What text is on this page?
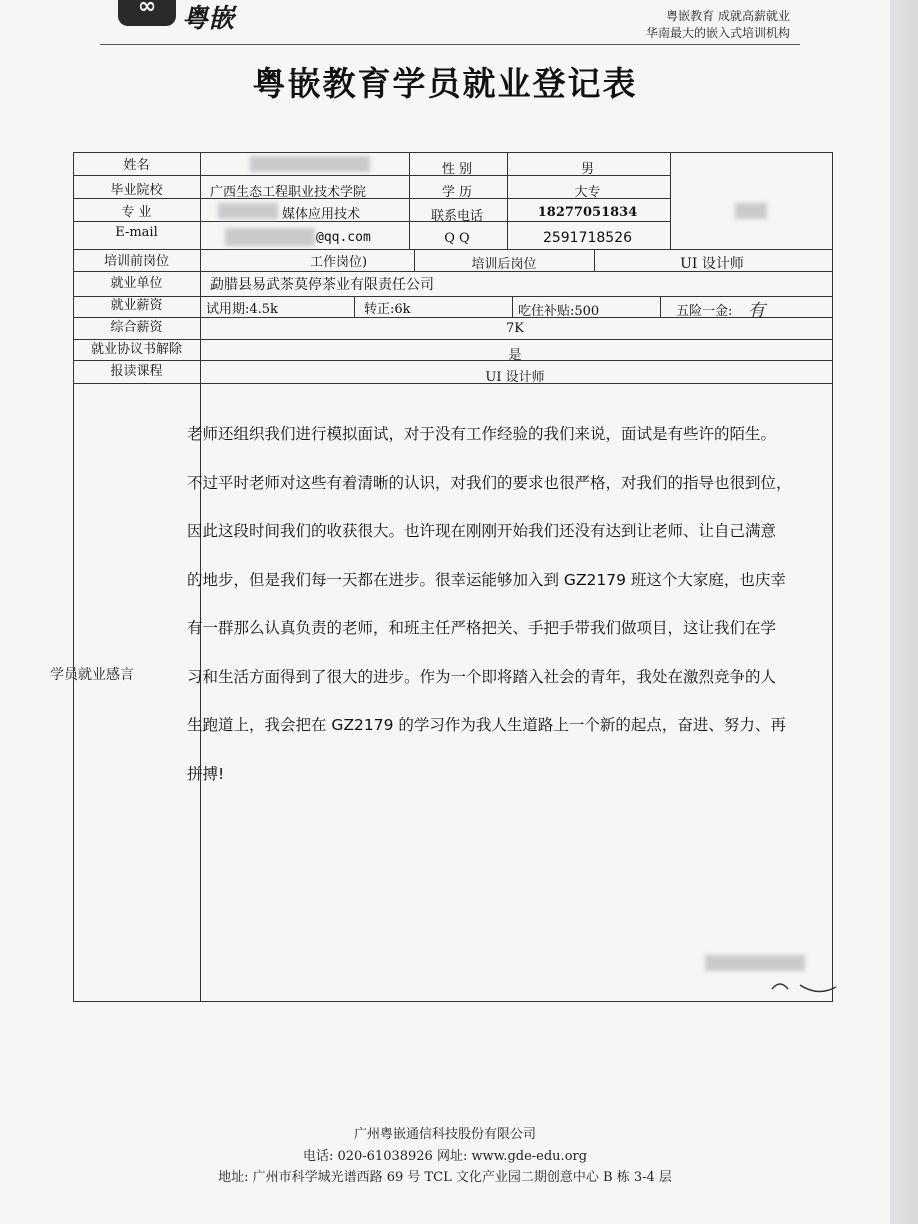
∞ 粤嵌	粤嵌教育 成就高薪就业
华南最大的嵌入式培训机构
粤嵌教育学员就业登记表
姓名	性 别	男
毕业院校	广西生态工程职业技术学院	学 历	大专
专 业	媒体应用技术	联系电话	18277051834
E-mail	@qq.com	Q Q	2591718526
培训前岗位	工作岗位)	培训后岗位	UI 设计师
就业单位	勐腊县易武茶莫停茶业有限责任公司
就业薪资	试用期:4.5k	转正:6k	吃住补贴:500	五险一金: 有
综合薪资	7K
就业协议书解除	是
报读课程	UI 设计师
学员就业感言
老师还组织我们进行模拟面试，对于没有工作经验的我们来说，面试是有些许的陌生。
不过平时老师对这些有着清晰的认识，对我们的要求也很严格，对我们的指导也很到位，
因此这段时间我们的收获很大。也许现在刚刚开始我们还没有达到让老师、让自己满意
的地步，但是我们每一天都在进步。很幸运能够加入到 GZ2179 班这个大家庭，也庆幸
有一群那么认真负责的老师，和班主任严格把关、手把手带我们做项目，这让我们在学
习和生活方面得到了很大的进步。作为一个即将踏入社会的青年，我处在激烈竞争的人
生跑道上，我会把在 GZ2179 的学习作为我人生道路上一个新的起点，奋进、努力、再
拼搏!
广州粤嵌通信科技股份有限公司
电话: 020-61038926 网址: www.gde-edu.org
地址: 广州市科学城光谱西路 69 号 TCL 文化产业园二期创意中心 B 栋 3-4 层
